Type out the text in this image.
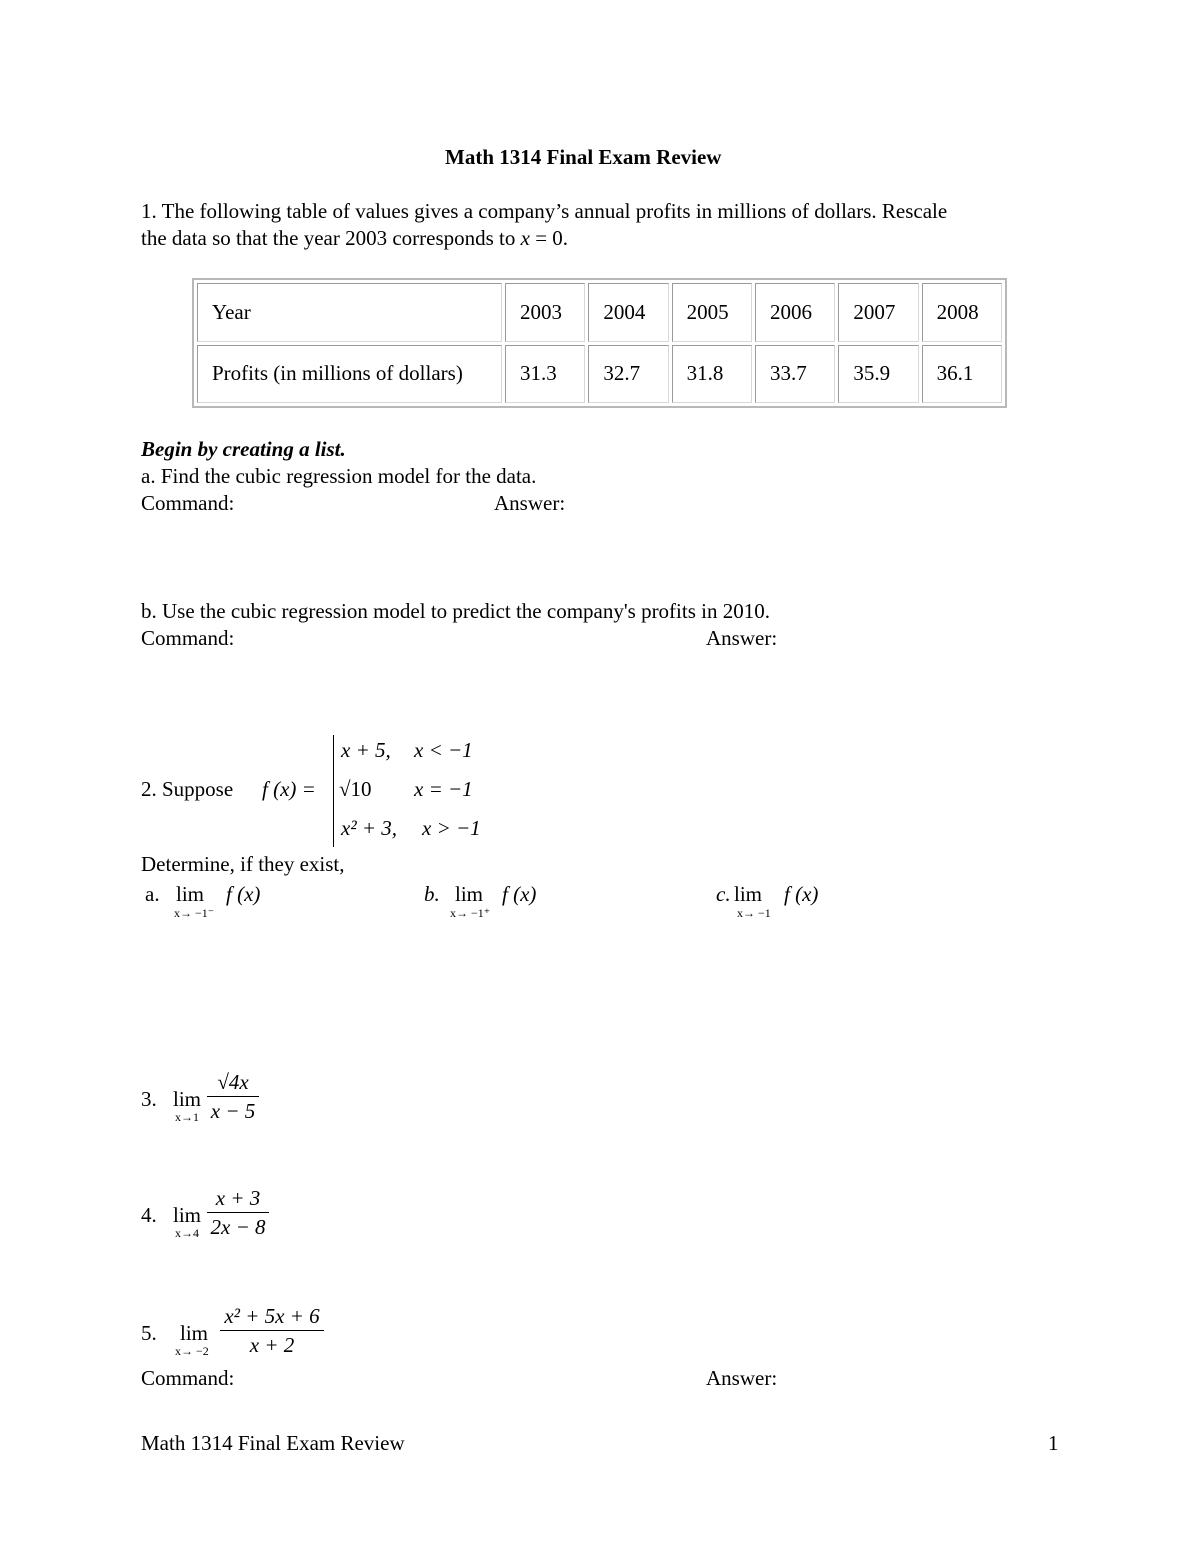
Math 1314 Final Exam Review
1. The following table of values gives a company’s annual profits in millions of dollars. Rescale
the data so that the year 2003 corresponds to x = 0.
Year	2003	2004	2005	2006	2007	2008
Profits (in millions of dollars)	31.3	32.7	31.8	33.7	35.9	36.1
Begin by creating a list.
a. Find the cubic regression model for the data.
Command:	Answer:
b. Use the cubic regression model to predict the company's profits in 2010.
Command:	Answer:
2. Suppose f (x) =
x + 5, x < −1
√10 x = −1
x² + 3, x > −1
Determine, if they exist,
a. lim
x→ −1⁻
f (x)	b. lim
x→ −1⁺
f (x)	c. lim
x→ −1
f (x)
3. lim
x→1
√4x
x − 5
4. lim
x→4
x + 3
2x − 8
5. lim
x→ −2
x² + 5x + 6
x + 2
Command:	Answer:
Math 1314 Final Exam Review	1
